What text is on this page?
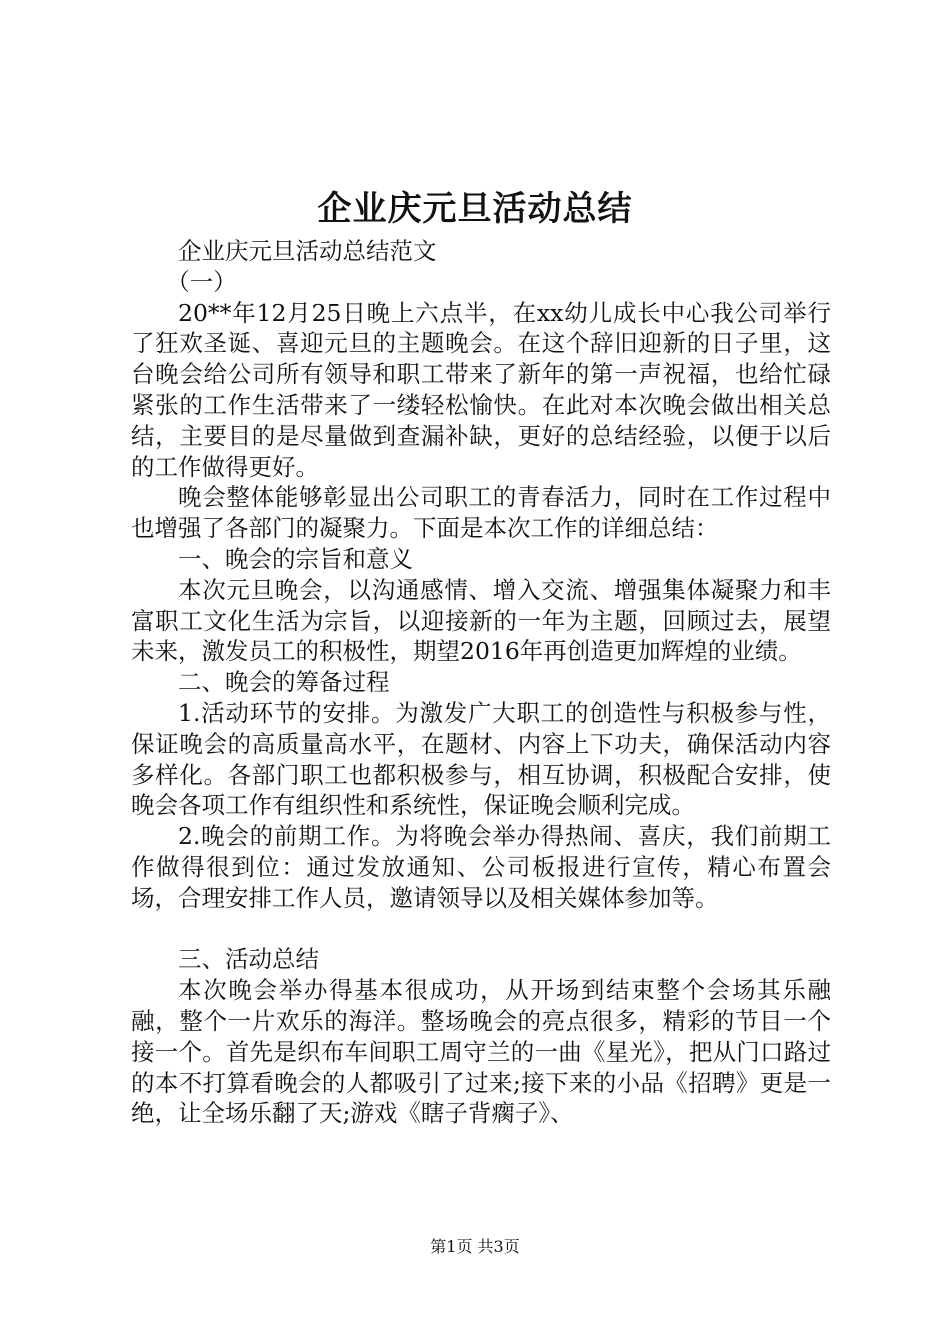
企业庆元旦活动总结

企业庆元旦活动总结范文

（一）

20**年12月25日晚上六点半，在xx幼儿成长中心我公司举行了狂欢圣诞、喜迎元旦的主题晚会。在这个辞旧迎新的日子里，这台晚会给公司所有领导和职工带来了新年的第一声祝福，也给忙碌紧张的工作生活带来了一缕轻松愉快。在此对本次晚会做出相关总结，主要目的是尽量做到查漏补缺，更好的总结经验，以便于以后的工作做得更好。

晚会整体能够彰显出公司职工的青春活力，同时在工作过程中也增强了各部门的凝聚力。下面是本次工作的详细总结：

一、晚会的宗旨和意义

本次元旦晚会，以沟通感情、增入交流、增强集体凝聚力和丰富职工文化生活为宗旨，以迎接新的一年为主题，回顾过去，展望未来，激发员工的积极性，期望2016年再创造更加辉煌的业绩。

二、晚会的筹备过程

1.活动环节的安排。为激发广大职工的创造性与积极参与性，保证晚会的高质量高水平，在题材、内容上下功夫，确保活动内容多样化。各部门职工也都积极参与，相互协调，积极配合安排，使晚会各项工作有组织性和系统性，保证晚会顺利完成。

2.晚会的前期工作。为将晚会举办得热闹、喜庆，我们前期工作做得很到位：通过发放通知、公司板报进行宣传，精心布置会场，合理安排工作人员，邀请领导以及相关媒体参加等。

三、活动总结

本次晚会举办得基本很成功，从开场到结束整个会场其乐融融，整个一片欢乐的海洋。整场晚会的亮点很多，精彩的节目一个接一个。首先是织布车间职工周守兰的一曲《星光》，把从门口路过的本不打算看晚会的人都吸引了过来;接下来的小品《招聘》更是一绝，让全场乐翻了天;游戏《瞎子背瘸子》、

第1页 共3页
